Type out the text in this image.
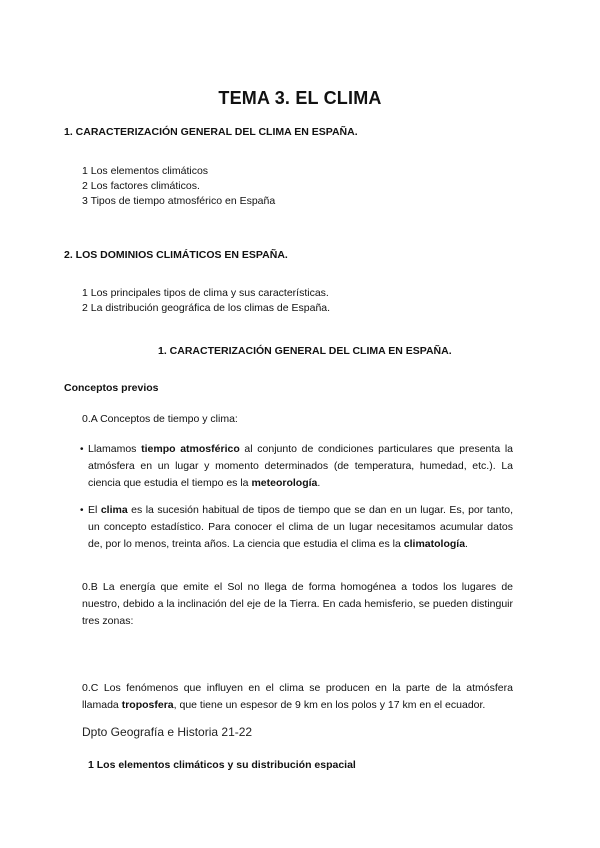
TEMA 3. EL CLIMA
1. CARACTERIZACIÓN GENERAL DEL CLIMA EN ESPAÑA.
1 Los elementos climáticos
2 Los factores climáticos.
3 Tipos de tiempo atmosférico en España
2. LOS DOMINIOS CLIMÁTICOS EN ESPAÑA.
1 Los principales tipos de clima y sus características.
2 La distribución geográfica de los climas de España.
1. CARACTERIZACIÓN GENERAL DEL CLIMA EN ESPAÑA.
Conceptos previos
0.A Conceptos de tiempo y clima:
• Llamamos tiempo atmosférico al conjunto de condiciones particulares que presenta la atmósfera en un lugar y momento determinados (de temperatura, humedad, etc.). La ciencia que estudia el tiempo es la meteorología.
• El clima es la sucesión habitual de tipos de tiempo que se dan en un lugar. Es, por tanto, un concepto estadístico. Para conocer el clima de un lugar necesitamos acumular datos de, por lo menos, treinta años. La ciencia que estudia el clima es la climatología.
0.B La energía que emite el Sol no llega de forma homogénea a todos los lugares de nuestro, debido a la inclinación del eje de la Tierra. En cada hemisferio, se pueden distinguir tres zonas:
0.C Los fenómenos que influyen en el clima se producen en la parte de la atmósfera llamada troposfera, que tiene un espesor de 9 km en los polos y 17 km en el ecuador.
Dpto Geografía e Historia 21-22
1 Los elementos climáticos y su distribución espacial
